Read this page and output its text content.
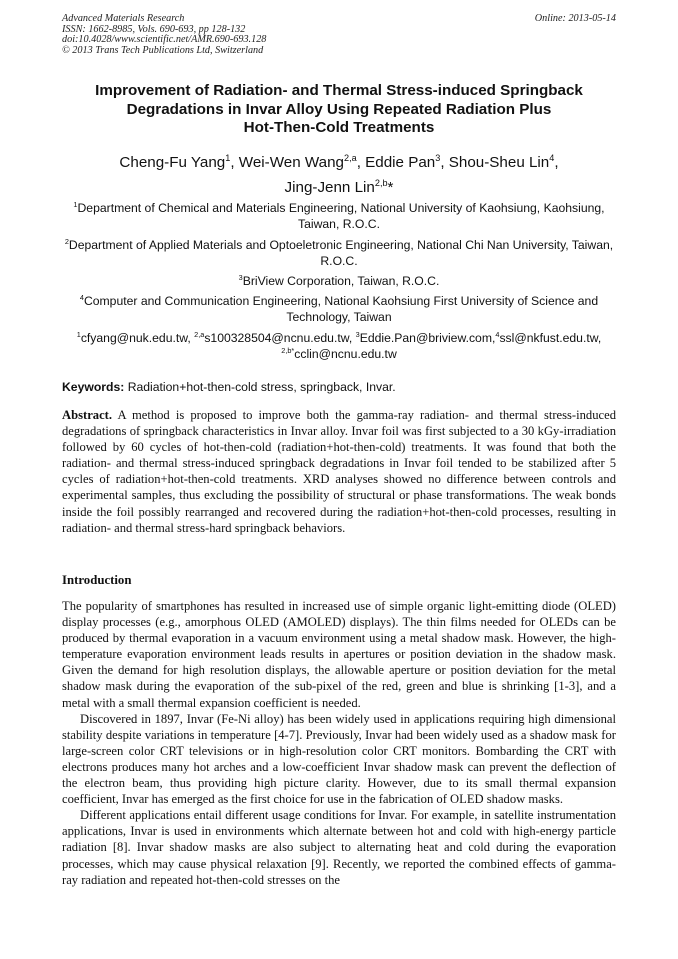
Advanced Materials Research
ISSN: 1662-8985, Vols. 690-693, pp 128-132
doi:10.4028/www.scientific.net/AMR.690-693.128
© 2013 Trans Tech Publications Ltd, Switzerland
Online: 2013-05-14
Improvement of Radiation- and Thermal Stress-induced Springback
Degradations in Invar Alloy Using Repeated Radiation Plus
Hot-Then-Cold Treatments
Cheng-Fu Yang$^1$, Wei-Wen Wang$^{2,a}$, Eddie Pan$^3$, Shou-Sheu Lin$^4$,
Jing-Jenn Lin$^{2,b}$*
$^1$Department of Chemical and Materials Engineering, National University of Kaohsiung, Kaohsiung, Taiwan, R.O.C.
$^2$Department of Applied Materials and Optoeletronic Engineering, National Chi Nan University, Taiwan, R.O.C.
$^3$BriView Corporation, Taiwan, R.O.C.
$^4$Computer and Communication Engineering, National Kaohsiung First University of Science and Technology, Taiwan
$^1$cfyang@nuk.edu.tw, $^{2,a}$s100328504@ncnu.edu.tw, $^3$Eddie.Pan@briview.com,$^4$ssl@nkfust.edu.tw, $^{2,b*}$cclin@ncnu.edu.tw
Keywords: Radiation+hot-then-cold stress, springback, Invar.
Abstract. A method is proposed to improve both the gamma-ray radiation- and thermal stress-induced degradations of springback characteristics in Invar alloy. Invar foil was first subjected to a 30 kGy-irradiation followed by 60 cycles of hot-then-cold (radiation+hot-then-cold) treatments. It was found that both the radiation- and thermal stress-induced springback degradations in Invar foil tended to be stabilized after 5 cycles of radiation+hot-then-cold treatments. XRD analyses showed no difference between controls and experimental samples, thus excluding the possibility of structural or phase transformations. The weak bonds inside the foil possibly rearranged and recovered during the radiation+hot-then-cold processes, resulting in radiation- and thermal stress-hard springback behaviors.
Introduction

The popularity of smartphones has resulted in increased use of simple organic light-emitting diode (OLED) display processes (e.g., amorphous OLED (AMOLED) displays). The thin films needed for OLEDs can be produced by thermal evaporation in a vacuum environment using a metal shadow mask. However, the high-temperature evaporation environment leads results in apertures or position deviation in the shadow mask. Given the demand for high resolution displays, the allowable aperture or position deviation for the metal shadow mask during the evaporation of the sub-pixel of the red, green and blue is shrinking [1-3], and a metal with a small thermal expansion coefficient is needed.

Discovered in 1897, Invar (Fe-Ni alloy) has been widely used in applications requiring high dimensional stability despite variations in temperature [4-7]. Previously, Invar had been widely used as a shadow mask for large-screen color CRT televisions or in high-resolution color CRT monitors. Bombarding the CRT with electrons produces many hot arches and a low-coefficient Invar shadow mask can prevent the deflection of the electron beam, thus providing high picture clarity. However, due to its small thermal expansion coefficient, Invar has emerged as the first choice for use in the fabrication of OLED shadow masks.

Different applications entail different usage conditions for Invar. For example, in satellite instrumentation applications, Invar is used in environments which alternate between hot and cold with high-energy particle radiation [8]. Invar shadow masks are also subject to alternating heat and cold during the evaporation processes, which may cause physical relaxation [9]. Recently, we reported the combined effects of gamma-ray radiation and repeated hot-then-cold stresses on the
